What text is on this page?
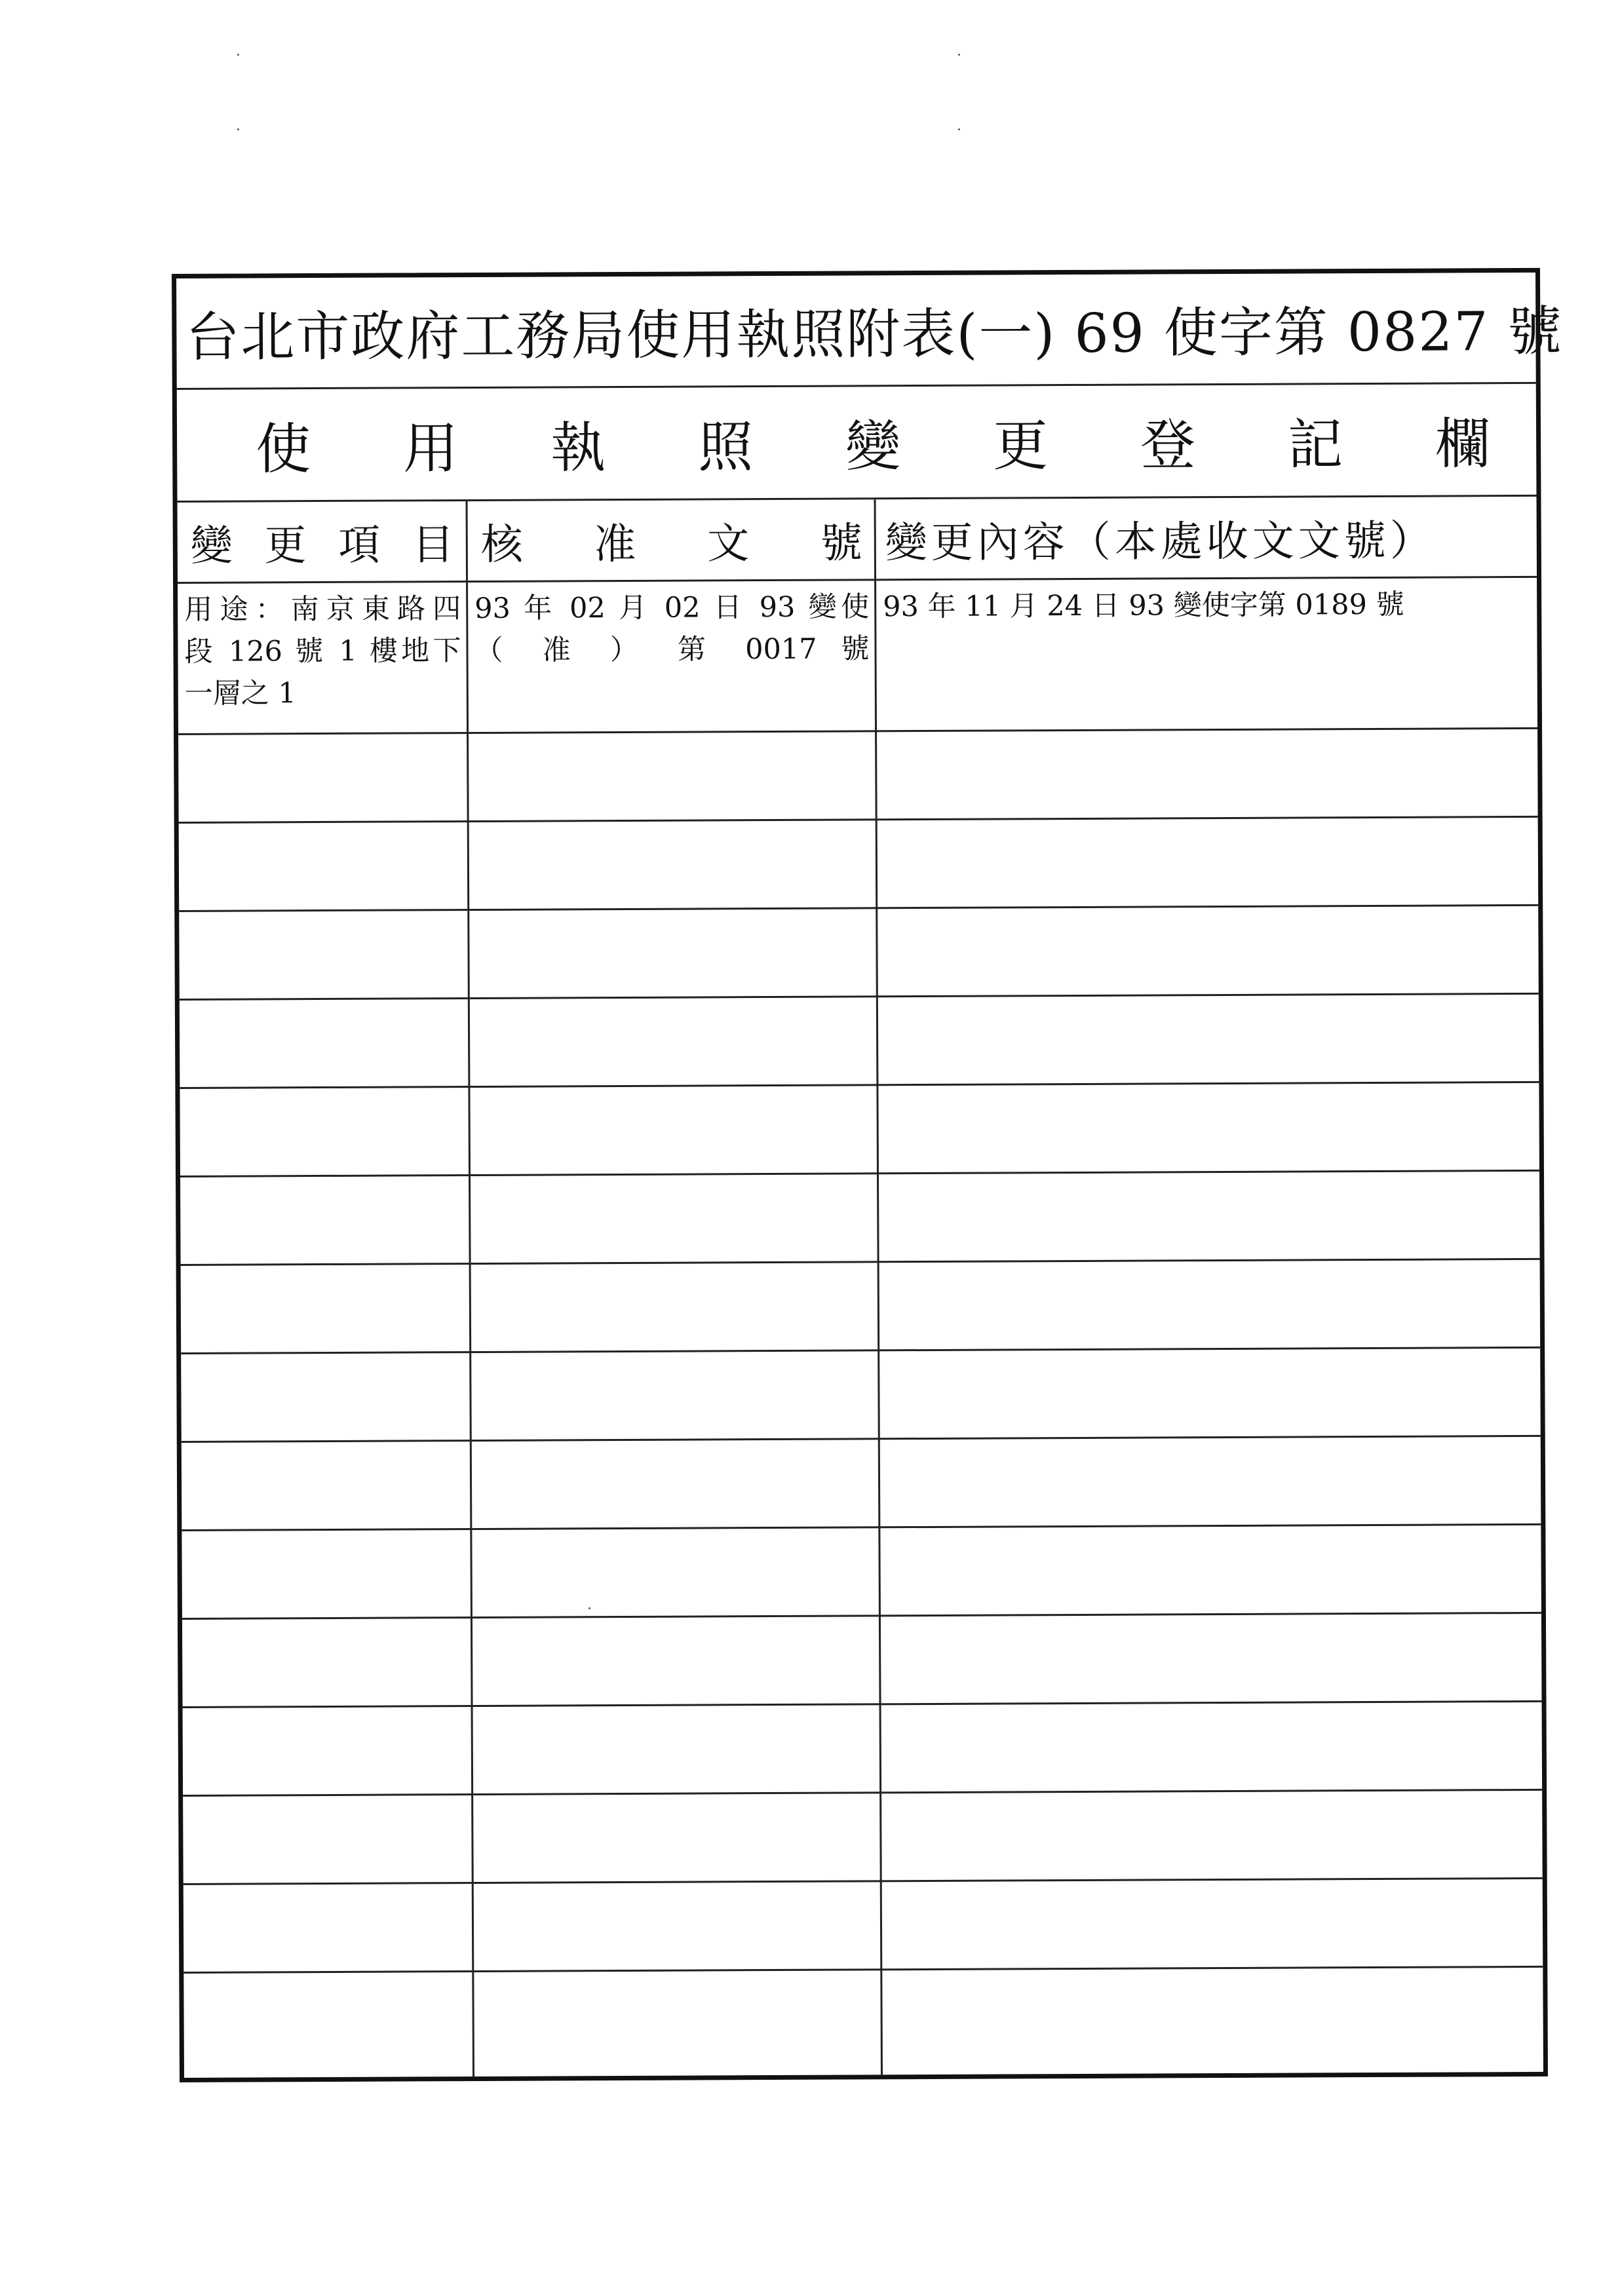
台北市政府工務局使用執照附表(一) 69 使字第 0827 號
使 用 執 照 變 更 登 記 欄
變 更 項 目 核 准 文 號 變更內容（本處收文文號）
用途：南京東路四
段 126 號 1 樓地下
一層之 1
93 年 02 月 02 日 93 變使
（ 准 ） 第 0017 號
93 年 11 月 24 日 93 變使字第 0189 號
